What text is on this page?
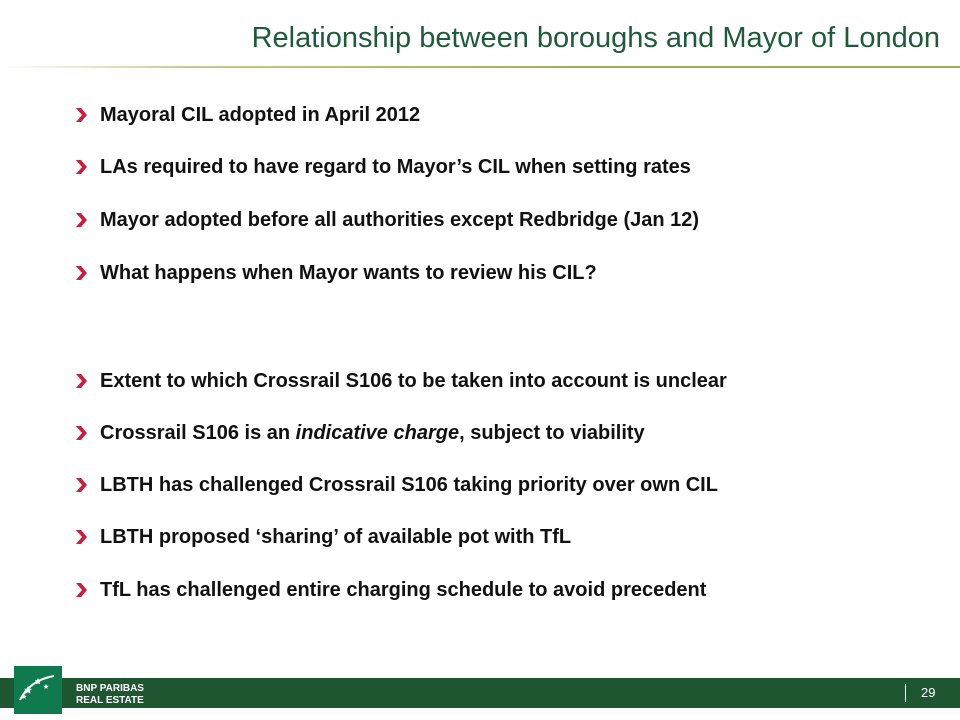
Relationship between boroughs and Mayor of London
Mayoral CIL adopted in April 2012
LAs required to have regard to Mayor’s CIL when setting rates
Mayor adopted before all authorities except Redbridge (Jan 12)
What happens when Mayor wants to review his CIL?
Extent to which Crossrail S106 to be taken into account is unclear
Crossrail S106 is an indicative charge, subject to viability
LBTH has challenged Crossrail S106 taking priority over own CIL
LBTH proposed ‘sharing’ of available pot with TfL
TfL has challenged entire charging schedule to avoid precedent
BNP PARIBAS
REAL ESTATE
29
